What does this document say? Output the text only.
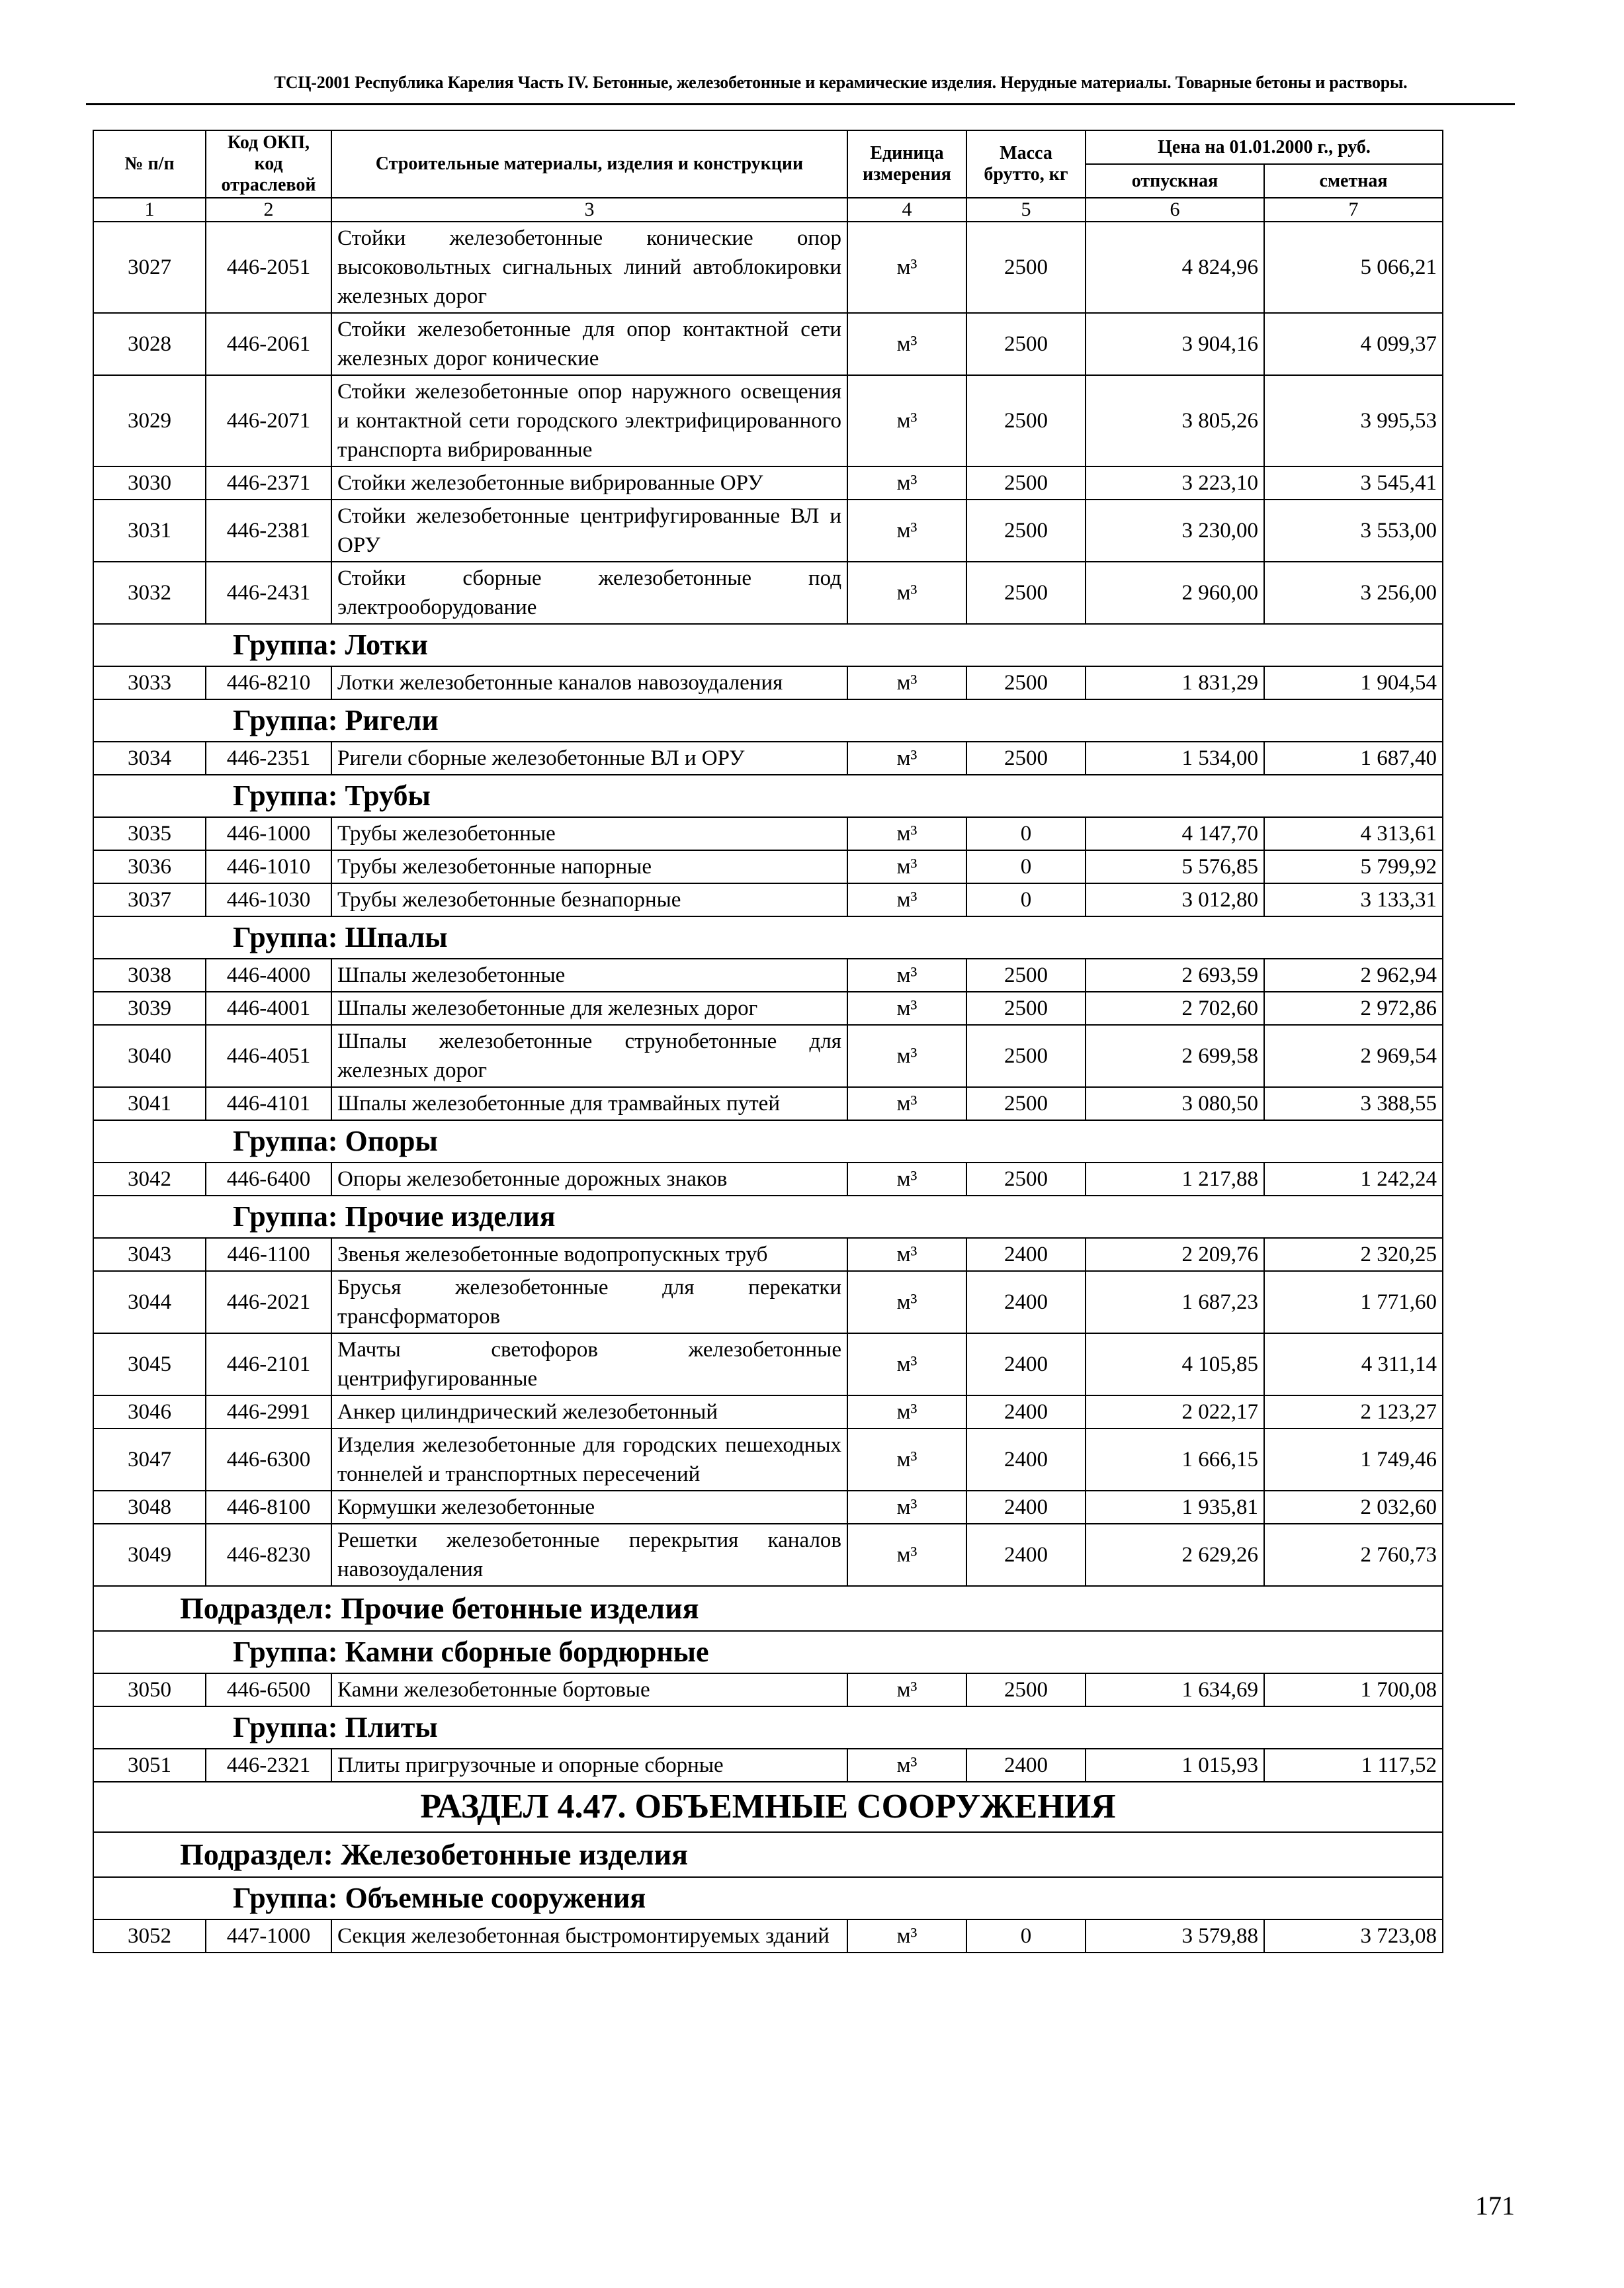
ТСЦ-2001 Республика Карелия Часть IV. Бетонные, железобетонные и керамические изделия. Нерудные материалы. Товарные бетоны и растворы.
№ п/п	Код ОКП, код отраслевой	Строительные материалы, изделия и конструкции	Единица измерения	Масса брутто, кг	Цена на 01.01.2000 г., руб.	
					отпускная	сметная
1	2	3	4	5	6	7
3027	446-2051	Стойки железобетонные конические опор высоковольтных сигнальных линий автоблокировки железных дорог	м³	2500	4 824,96	5 066,21
3028	446-2061	Стойки железобетонные для опор контактной сети железных дорог конические	м³	2500	3 904,16	4 099,37
3029	446-2071	Стойки железобетонные опор наружного освещения и контактной сети городского электрифицированного транспорта вибрированные	м³	2500	3 805,26	3 995,53
3030	446-2371	Стойки железобетонные вибрированные ОРУ	м³	2500	3 223,10	3 545,41
3031	446-2381	Стойки железобетонные центрифугированные ВЛ и ОРУ	м³	2500	3 230,00	3 553,00
3032	446-2431	Стойки сборные железобетонные под электрооборудование	м³	2500	2 960,00	3 256,00
Группа: Лотки						
3033	446-8210	Лотки железобетонные каналов навозоудаления	м³	2500	1 831,29	1 904,54
Группа: Ригели						
3034	446-2351	Ригели сборные железобетонные ВЛ и ОРУ	м³	2500	1 534,00	1 687,40
Группа: Трубы						
3035	446-1000	Трубы железобетонные	м³	0	4 147,70	4 313,61
3036	446-1010	Трубы железобетонные напорные	м³	0	5 576,85	5 799,92
3037	446-1030	Трубы железобетонные безнапорные	м³	0	3 012,80	3 133,31
Группа: Шпалы						
3038	446-4000	Шпалы железобетонные	м³	2500	2 693,59	2 962,94
3039	446-4001	Шпалы железобетонные для железных дорог	м³	2500	2 702,60	2 972,86
3040	446-4051	Шпалы железобетонные струнобетонные для железных дорог	м³	2500	2 699,58	2 969,54
3041	446-4101	Шпалы железобетонные для трамвайных путей	м³	2500	3 080,50	3 388,55
Группа: Опоры						
3042	446-6400	Опоры железобетонные дорожных знаков	м³	2500	1 217,88	1 242,24
Группа: Прочие изделия						
3043	446-1100	Звенья железобетонные водопропускных труб	м³	2400	2 209,76	2 320,25
3044	446-2021	Брусья железобетонные для перекатки трансформаторов	м³	2400	1 687,23	1 771,60
3045	446-2101	Мачты светофоров железобетонные центрифугированные	м³	2400	4 105,85	4 311,14
3046	446-2991	Анкер цилиндрический железобетонный	м³	2400	2 022,17	2 123,27
3047	446-6300	Изделия железобетонные для городских пешеходных тоннелей и транспортных пересечений	м³	2400	1 666,15	1 749,46
3048	446-8100	Кормушки железобетонные	м³	2400	1 935,81	2 032,60
3049	446-8230	Решетки железобетонные перекрытия каналов навозоудаления	м³	2400	2 629,26	2 760,73
Подраздел: Прочие бетонные изделия						
Группа: Камни сборные бордюрные						
3050	446-6500	Камни железобетонные бортовые	м³	2500	1 634,69	1 700,08
Группа: Плиты						
3051	446-2321	Плиты пригрузочные и опорные сборные	м³	2400	1 015,93	1 117,52
РАЗДЕЛ 4.47. ОБЪЕМНЫЕ СООРУЖЕНИЯ						
Подраздел: Железобетонные изделия						
Группа: Объемные сооружения						
3052	447-1000	Секция железобетонная быстромонтируемых зданий	м³	0	3 579,88	3 723,08
171
